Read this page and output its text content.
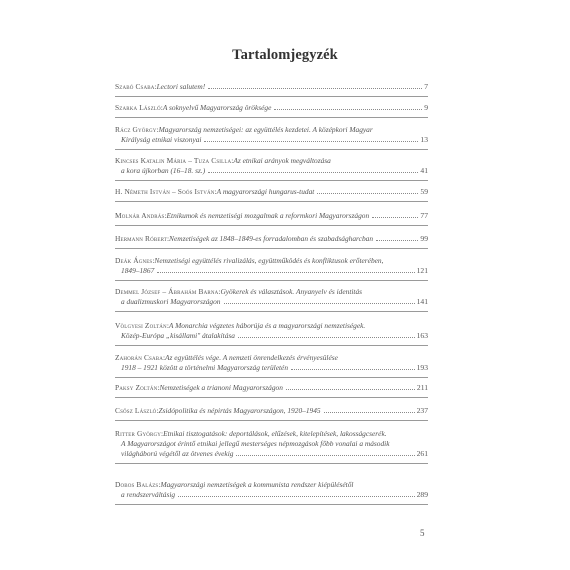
Tartalomjegyzék
Szabó Csaba : Lectori salutem!	7
Szarka László : A soknyelvű Magyarország öröksége	9
Rácz György : Magyarország nemzetiségei: az együttélés kezdetei. A középkori Magyar
Királyság etnikai viszonyai	13
Kincses Katalin Mária – Tuza Csilla : Az etnikai arányok megváltozása
a kora újkorban (16–18. sz.)	41
H. Németh István – Soós István : A magyarországi hungarus-tudat	59
Molnár András : Etnikumok és nemzetiségi mozgalmak a reformkori Magyarországon	77
Hermann Róbert : Nemzetiségek az 1848–1849-es forradalomban és szabadságharcban	99
Deák Ágnes : Nemzetiségi együttélés rivalizálás, együttműködés és konfliktusok erőterében,
1849–1867	121
Demmel József – Ábrahám Barna : Gyökerek és választások. Anyanyelv és identitás
a dualizmuskori Magyarországon	141
Völgyesi Zoltán : A Monarchia végzetes háborúja és a magyarországi nemzetiségek.
Közép-Európa „kisállami" átalakítása	163
Zahorán Csaba : Az együttélés vége. A nemzeti önrendelkezés érvényesülése
1918 – 1921 között a történelmi Magyarország területén	193
Paksy Zoltán : Nemzetiségek a trianoni Magyarországon	211
Csősz László : Zsidópolitika és népirtás Magyarországon, 1920–1945	237
Ritter György : Etnikai tisztogatások: deportálások, elűzések, kitelepítések, lakosságcserék.
A Magyarországot érintő etnikai jellegű mesterséges népmozgások főbb vonalai a második
világháború végétől az ötvenes évekig	261
Dobos Balázs : Magyarországi nemzetiségek a kommunista rendszer kiépülésétől
a rendszerváltásig	289
5
